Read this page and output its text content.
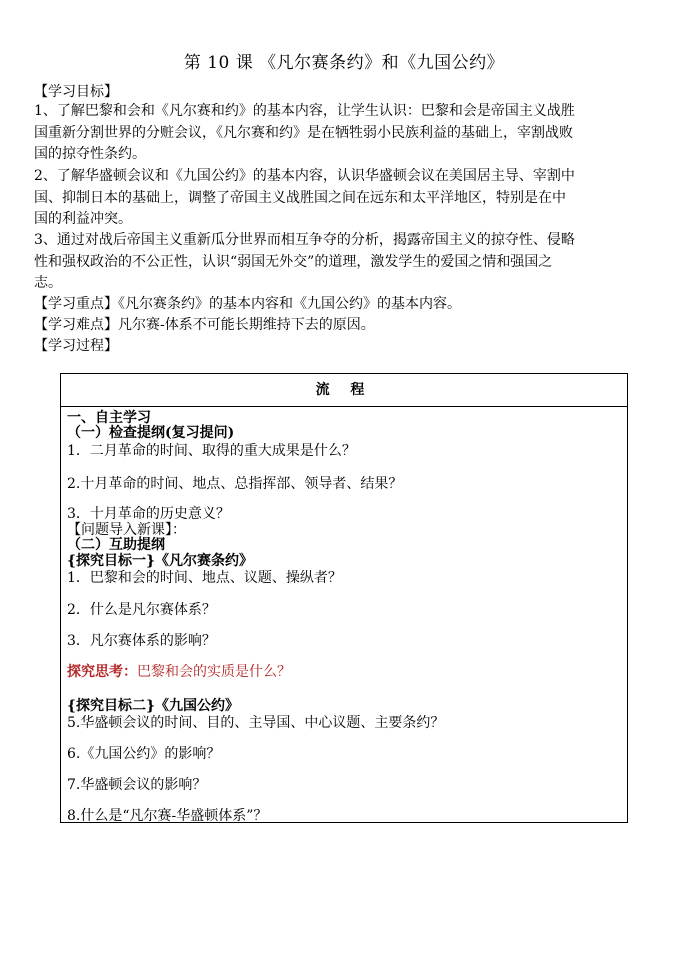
第 10 课 《凡尔赛条约》和《九国公约》
【学习目标】
1、了解巴黎和会和《凡尔赛和约》的基本内容，让学生认识：巴黎和会是帝国主义战胜
国重新分割世界的分赃会议，《凡尔赛和约》是在牺牲弱小民族利益的基础上，宰割战败
国的掠夺性条约。
2、了解华盛顿会议和《九国公约》的基本内容，认识华盛顿会议在美国居主导、宰割中
国、抑制日本的基础上，调整了帝国主义战胜国之间在远东和太平洋地区，特别是在中
国的利益冲突。
3、通过对战后帝国主义重新瓜分世界而相互争夺的分析，揭露帝国主义的掠夺性、侵略
性和强权政治的不公正性，认识“弱国无外交”的道理，激发学生的爱国之情和强国之
志。
【学习重点】《凡尔赛条约》的基本内容和《九国公约》的基本内容。
【学习难点】凡尔赛-体系不可能长期维持下去的原因。
【学习过程】
流 程
一、自主学习
（一）检查提纲(复习提问)
1．二月革命的时间、取得的重大成果是什么？
2.十月革命的时间、地点、总指挥部、领导者、结果？
3．十月革命的历史意义？
【问题导入新课】：
（二）互助提纲
{探究目标一}《凡尔赛条约》
1．巴黎和会的时间、地点、议题、操纵者？
2．什么是凡尔赛体系？
3．凡尔赛体系的影响？
探究思考：巴黎和会的实质是什么？
{探究目标二}《九国公约》
5.华盛顿会议的时间、目的、主导国、中心议题、主要条约？
6.《九国公约》的影响？
7.华盛顿会议的影响？
8.什么是“凡尔赛-华盛顿体系”？
